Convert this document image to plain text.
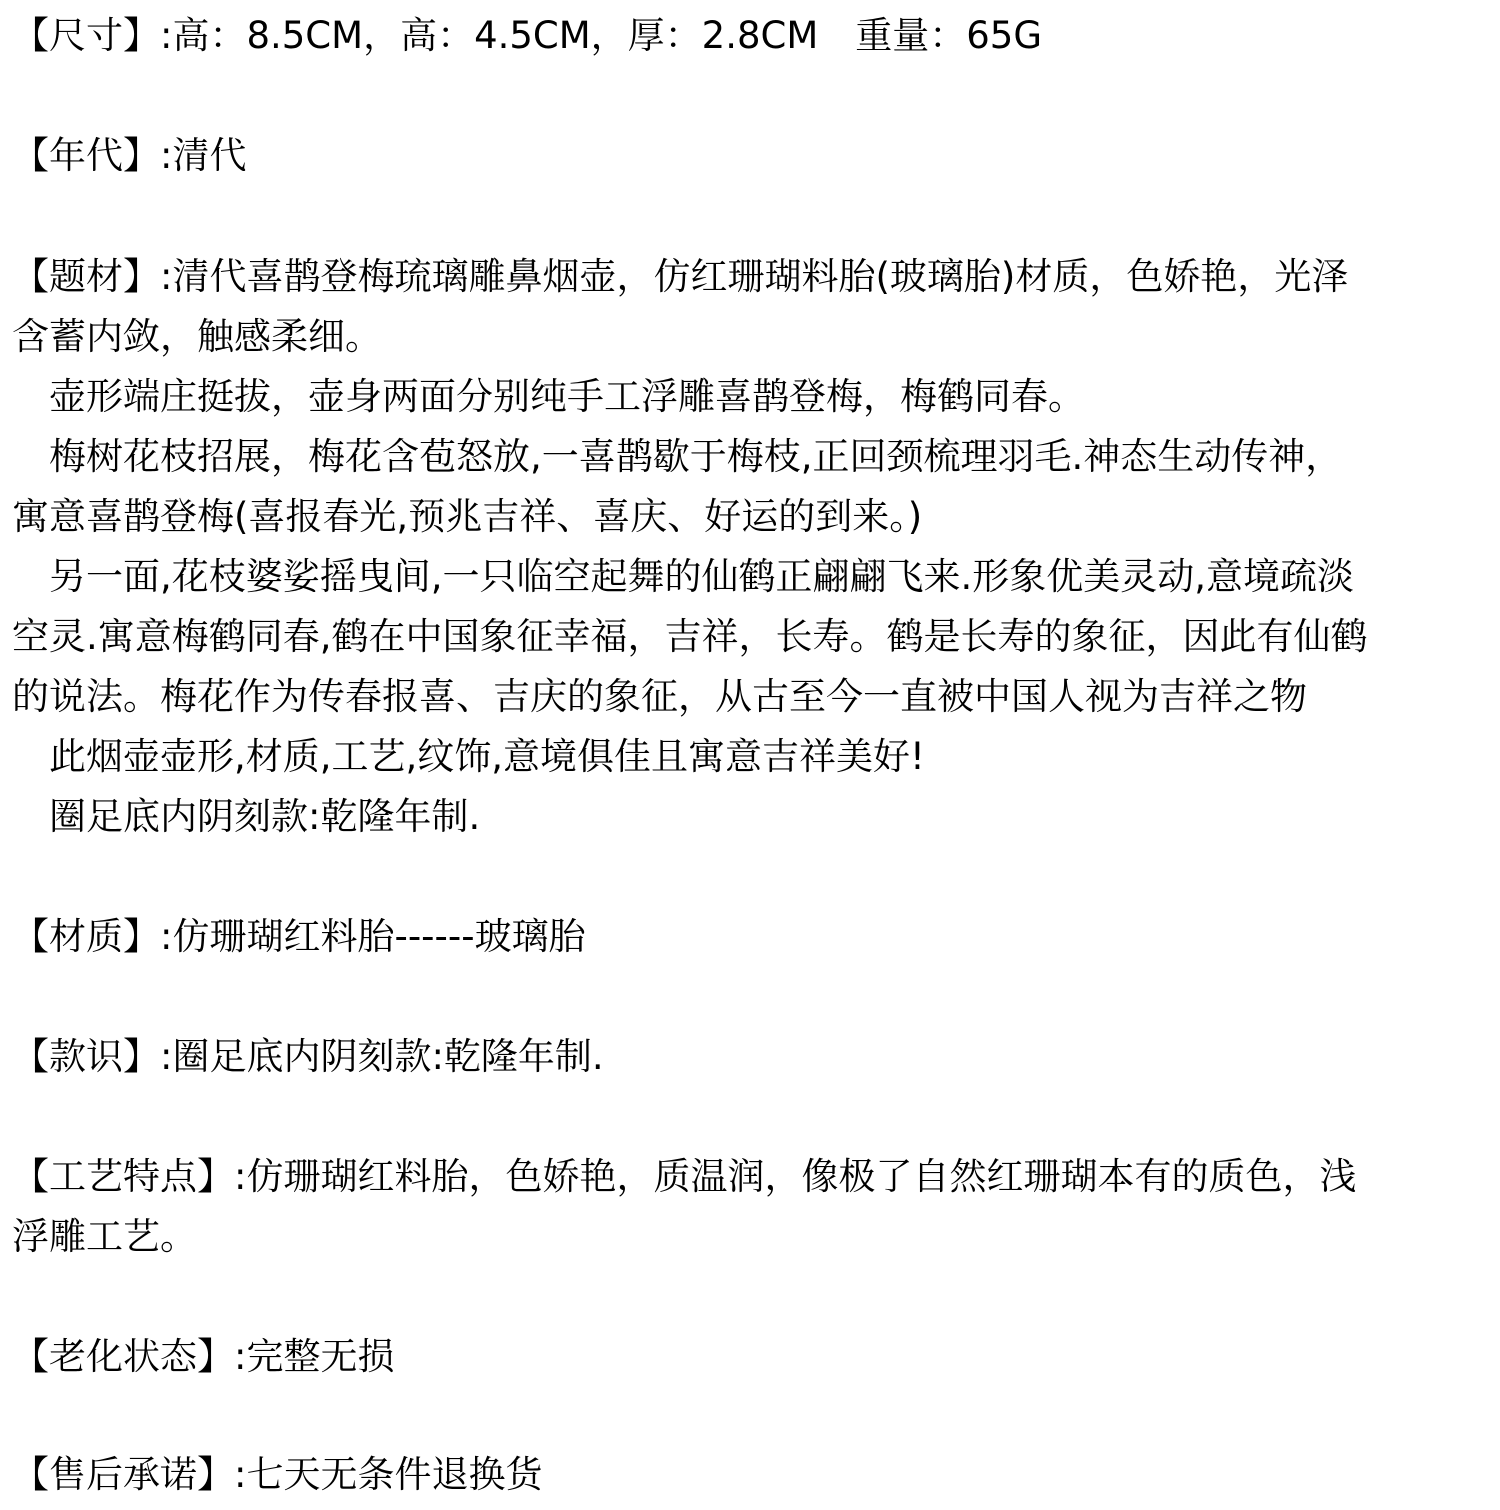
【尺寸】:高：8.5CM，高：4.5CM，厚：2.8CM　重量：65G
【年代】:清代
【题材】:清代喜鹊登梅琉璃雕鼻烟壶，仿红珊瑚料胎(玻璃胎)材质，色娇艳，光泽
含蓄内敛，触感柔细。
　壶形端庄挺拔，壶身两面分别纯手工浮雕喜鹊登梅，梅鹤同春。
　梅树花枝招展，梅花含苞怒放,一喜鹊歇于梅枝,正回颈梳理羽毛.神态生动传神，
寓意喜鹊登梅(喜报春光,预兆吉祥、喜庆、好运的到来。)
　另一面,花枝婆娑摇曳间,一只临空起舞的仙鹤正翩翩飞来.形象优美灵动,意境疏淡
空灵.寓意梅鹤同春,鹤在中国象征幸福，吉祥，长寿。鹤是长寿的象征，因此有仙鹤
的说法。梅花作为传春报喜、吉庆的象征，从古至今一直被中国人视为吉祥之物
　此烟壶壶形,材质,工艺,纹饰,意境俱佳且寓意吉祥美好!
　圈足底内阴刻款:乾隆年制.
【材质】:仿珊瑚红料胎------玻璃胎
【款识】:圈足底内阴刻款:乾隆年制.
【工艺特点】:仿珊瑚红料胎，色娇艳，质温润，像极了自然红珊瑚本有的质色，浅
浮雕工艺。
【老化状态】:完整无损
【售后承诺】:七天无条件退换货
